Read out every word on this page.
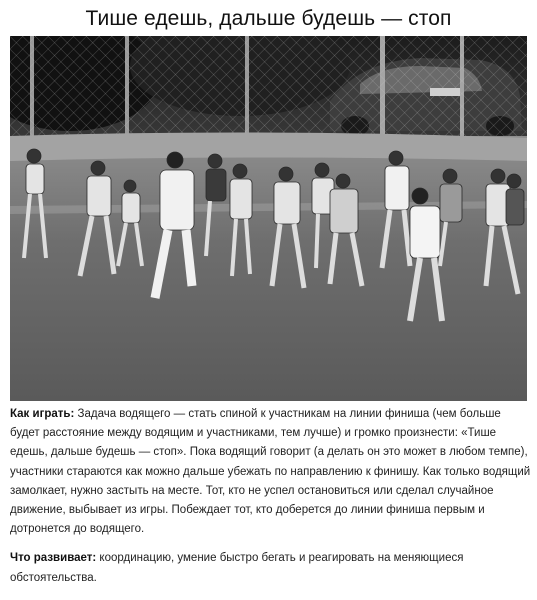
Тише едешь, дальше будешь — стоп

Как играть: Задача водящего — стать спиной к участникам на линии финиша (чем больше будет расстояние между водящим и участниками, тем лучше) и громко произнести: «Тише едешь, дальше будешь — стоп». Пока водящий говорит (а делать он это может в любом темпе), участники стараются как можно дальше убежать по направлению к финишу. Как только водящий замолкает, нужно застыть на месте. Тот, кто не успел остановиться или сделал случайное движение, выбывает из игры. Побеждает тот, кто доберется до линии финиша первым и дотронется до водящего.

Что развивает: координацию, умение быстро бегать и реагировать на меняющиеся обстоятельства.
